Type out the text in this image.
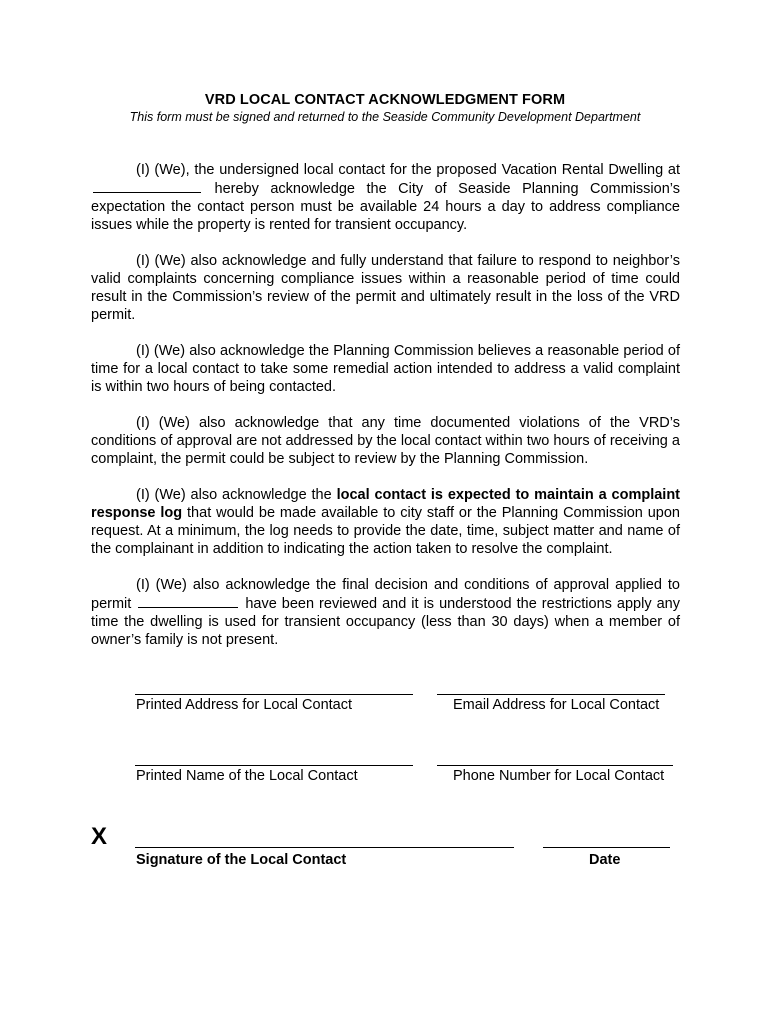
VRD LOCAL CONTACT ACKNOWLEDGMENT FORM
This form must be signed and returned to the Seaside Community Development Department

(I) (We), the undersigned local contact for the proposed Vacation Rental Dwelling at  hereby acknowledge the City of Seaside Planning Commission’s expectation the contact person must be available 24 hours a day to address compliance issues while the property is rented for transient occupancy.

(I) (We) also acknowledge and fully understand that failure to respond to neighbor’s valid complaints concerning compliance issues within a reasonable period of time could result in the Commission’s review of the permit and ultimately result in the loss of the VRD permit.

(I) (We) also acknowledge the Planning Commission believes a reasonable period of time for a local contact to take some remedial action intended to address a valid complaint is within two hours of being contacted.

(I) (We) also acknowledge that any time documented violations of the VRD’s conditions of approval are not addressed by the local contact within two hours of receiving a complaint, the permit could be subject to review by the Planning Commission.

(I) (We) also acknowledge the local contact is expected to maintain a complaint response log that would be made available to city staff or the Planning Commission upon request. At a minimum, the log needs to provide the date, time, subject matter and name of the complainant in addition to indicating the action taken to resolve the complaint.

(I) (We) also acknowledge the final decision and conditions of approval applied to permit	have been reviewed and it is understood the restrictions apply any time the dwelling is used for transient occupancy (less than 30 days) when a member of owner’s family is not present.

Printed Address for Local Contact	Email Address for Local Contact
Printed Name of the Local Contact	Phone Number for Local Contact
X
Signature of the Local Contact	Date
